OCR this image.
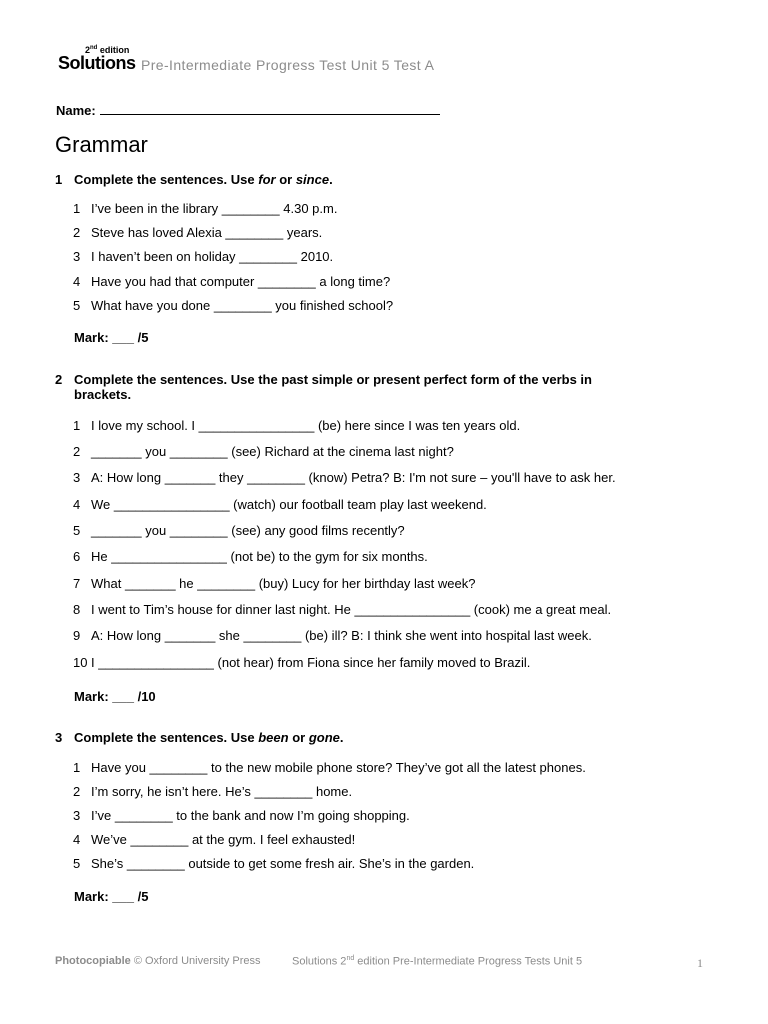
2nd edition
Solutions Pre-Intermediate Progress Test Unit 5 Test A
Name:
Grammar
1 Complete the sentences. Use for or since.
1 I’ve been in the library ________ 4.30 p.m.
2 Steve has loved Alexia ________ years.
3 I haven’t been on holiday ________ 2010.
4 Have you had that computer ________ a long time?
5 What have you done ________ you finished school?
Mark: ___ /5
2 Complete the sentences. Use the past simple or present perfect form of the verbs in
brackets.
1 I love my school. I ________________ (be) here since I was ten years old.
2 _______ you ________ (see) Richard at the cinema last night?
3 A: How long _______ they ________ (know) Petra? B: I'm not sure – you'll have to ask her.
4 We ________________ (watch) our football team play last weekend.
5 _______ you ________ (see) any good films recently?
6 He ________________ (not be) to the gym for six months.
7 What _______ he ________ (buy) Lucy for her birthday last week?
8 I went to Tim’s house for dinner last night. He ________________ (cook) me a great meal.
9 A: How long _______ she ________ (be) ill? B: I think she went into hospital last week.
10 I ________________ (not hear) from Fiona since her family moved to Brazil.
Mark: ___ /10
3 Complete the sentences. Use been or gone.
1 Have you ________ to the new mobile phone store? They’ve got all the latest phones.
2 I’m sorry, he isn’t here. He’s ________ home.
3 I’ve ________ to the bank and now I’m going shopping.
4 We’ve ________ at the gym. I feel exhausted!
5 She’s ________ outside to get some fresh air. She’s in the garden.
Mark: ___ /5
Photocopiable © Oxford University Press	Solutions 2nd edition Pre-Intermediate Progress Tests Unit 5	1
